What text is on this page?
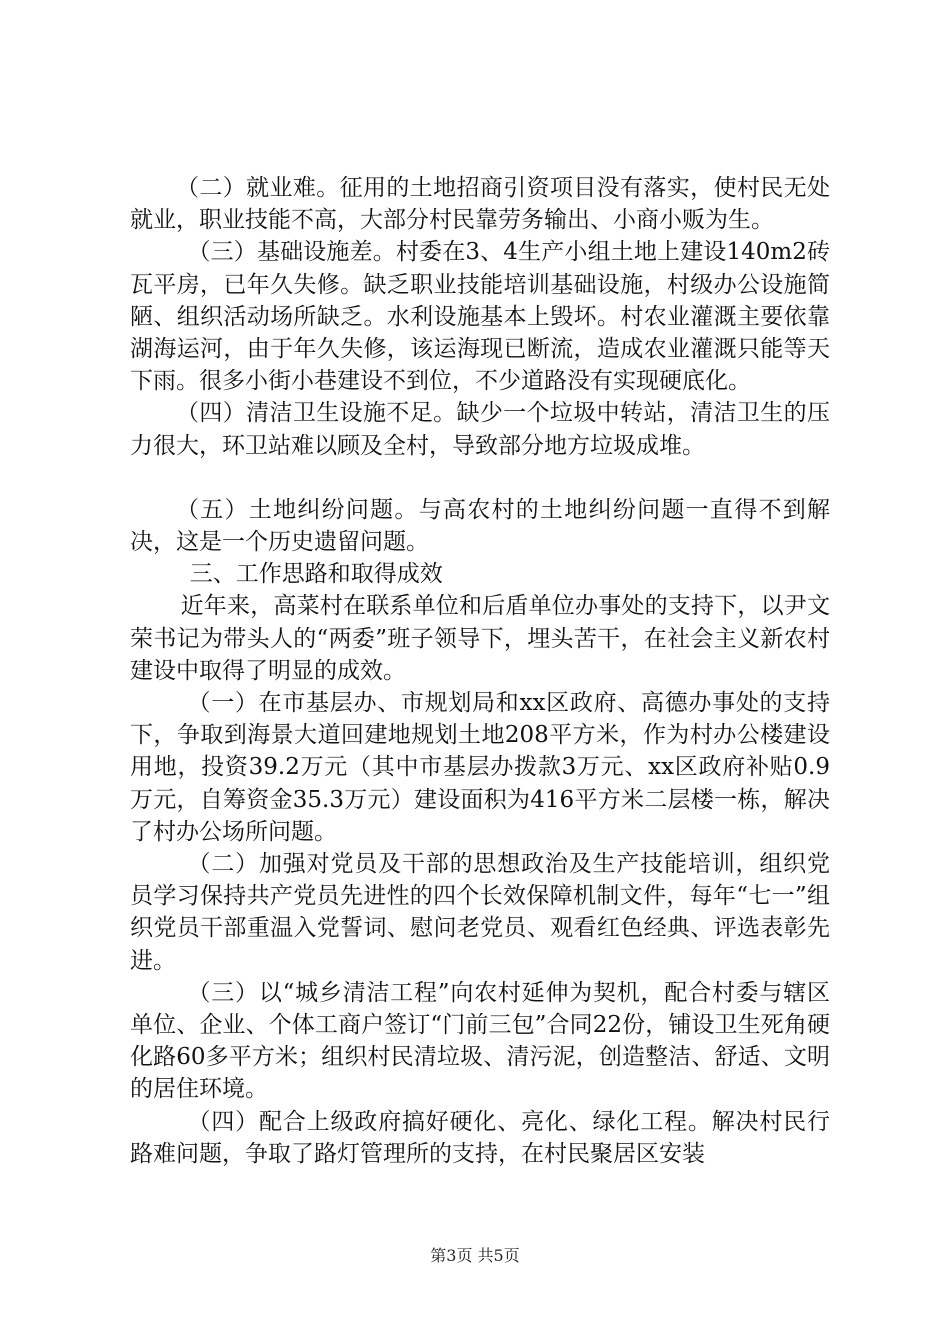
（二）就业难。征用的土地招商引资项目没有落实，使村民无处就业，职业技能不高，大部分村民靠劳务输出、小商小贩为生。

（三）基础设施差。村委在3、4生产小组土地上建设140m2砖瓦平房，已年久失修。缺乏职业技能培训基础设施，村级办公设施简陋、组织活动场所缺乏。水利设施基本上毁坏。村农业灌溉主要依靠湖海运河，由于年久失修，该运海现已断流，造成农业灌溉只能等天下雨。很多小街小巷建设不到位，不少道路没有实现硬底化。

（四）清洁卫生设施不足。缺少一个垃圾中转站，清洁卫生的压力很大，环卫站难以顾及全村，导致部分地方垃圾成堆。

（五）土地纠纷问题。与高农村的土地纠纷问题一直得不到解决，这是一个历史遗留问题。

三、工作思路和取得成效

近年来，高菜村在联系单位和后盾单位办事处的支持下，以尹文荣书记为带头人的“两委”班子领导下，埋头苦干，在社会主义新农村建设中取得了明显的成效。

（一）在市基层办、市规划局和xx区政府、高德办事处的支持下，争取到海景大道回建地规划土地208平方米，作为村办公楼建设用地，投资39.2万元（其中市基层办拨款3万元、xx区政府补贴0.9万元，自筹资金35.3万元）建设面积为416平方米二层楼一栋，解决了村办公场所问题。

（二）加强对党员及干部的思想政治及生产技能培训，组织党员学习保持共产党员先进性的四个长效保障机制文件，每年“七一”组织党员干部重温入党誓词、慰问老党员、观看红色经典、评选表彰先进。

（三）以“城乡清洁工程”向农村延伸为契机，配合村委与辖区单位、企业、个体工商户签订“门前三包”合同22份，铺设卫生死角硬化路60多平方米；组织村民清垃圾、清污泥，创造整洁、舒适、文明的居住环境。

（四）配合上级政府搞好硬化、亮化、绿化工程。解决村民行路难问题，争取了路灯管理所的支持，在村民聚居区安装

第3页 共5页
